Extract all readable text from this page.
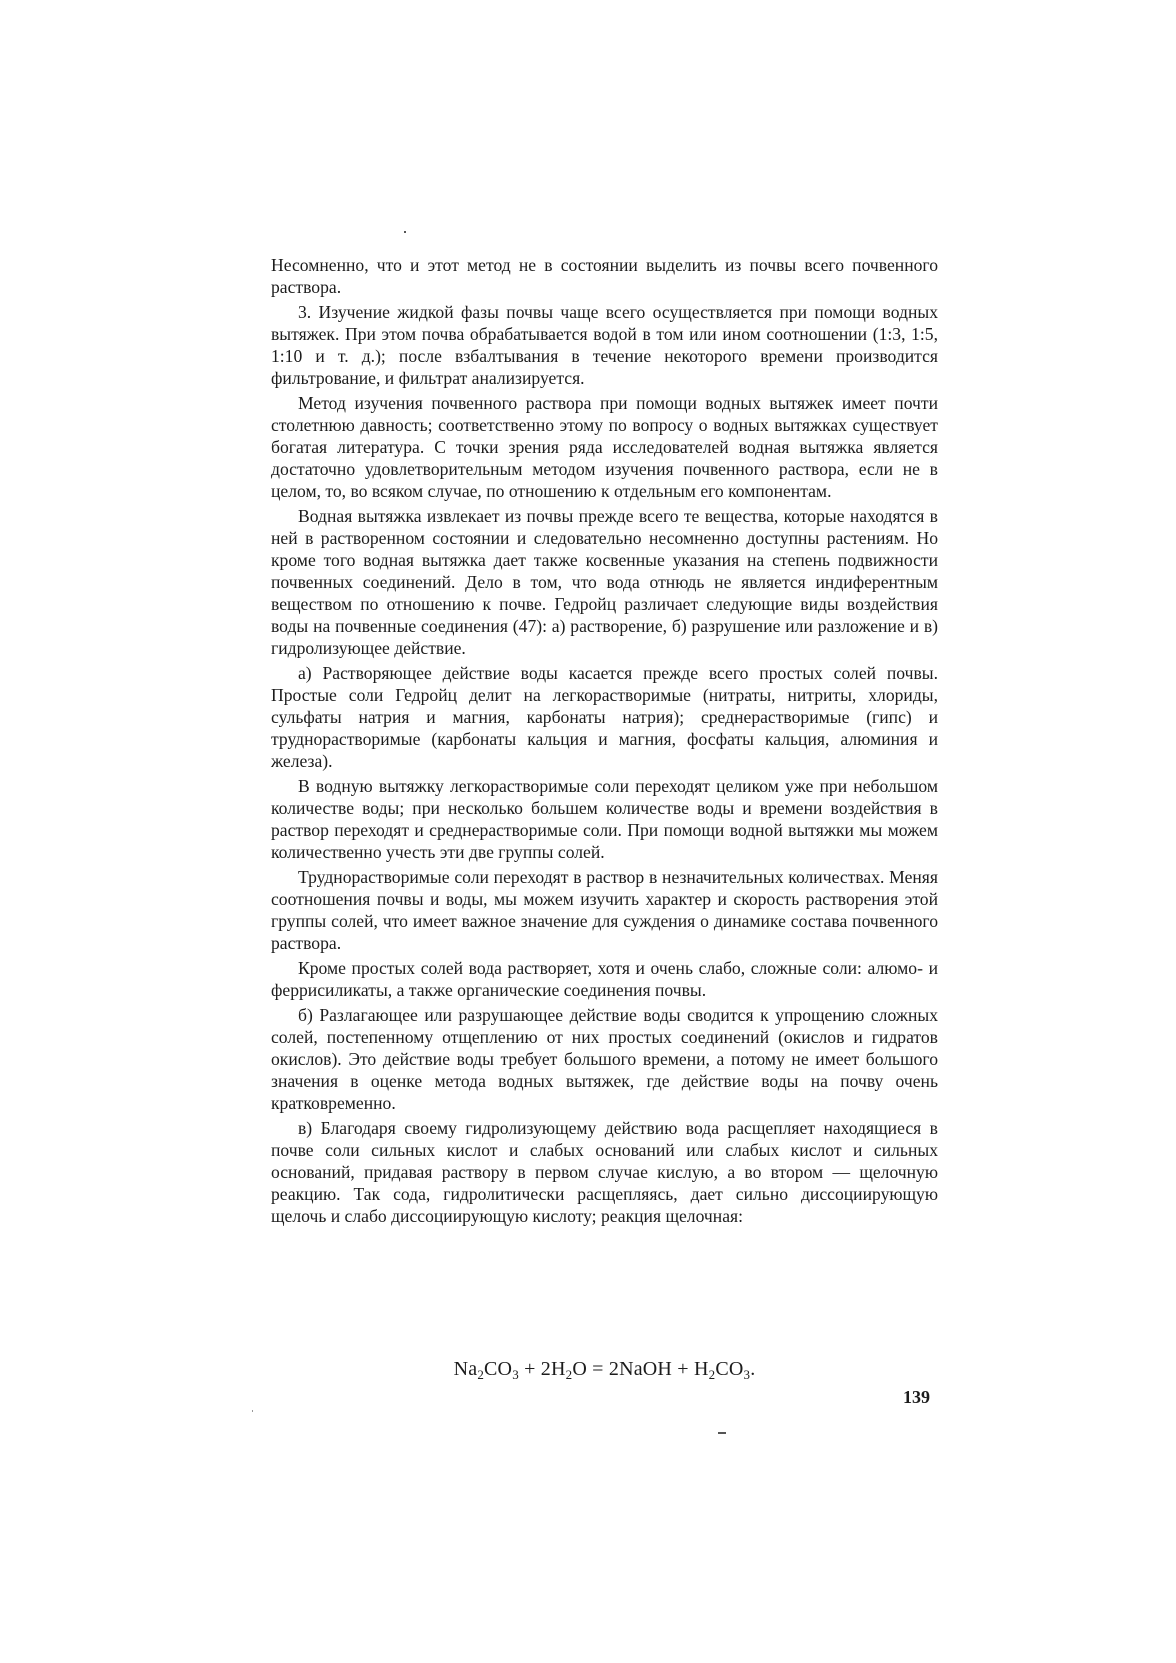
Несомненно, что и этот метод не в состоянии выделить из почвы всего почвенного раствора.

3. Изучение жидкой фазы почвы чаще всего осуществляется при помощи водных вытяжек. При этом почва обрабатывается водой в том или ином соотношении (1:3, 1:5, 1:10 и т. д.); после взбалтывания в течение некоторого времени производится фильтрование, и фильтрат анализируется.

Метод изучения почвенного раствора при помощи водных вытяжек имеет почти столетнюю давность; соответственно этому по вопросу о водных вытяжках существует богатая литература. С точки зрения ряда исследователей водная вытяжка является достаточно удовлетворительным методом изучения почвенного раствора, если не в целом, то, во всяком случае, по отношению к отдельным его компонентам.

Водная вытяжка извлекает из почвы прежде всего те вещества, которые находятся в ней в растворенном состоянии и следовательно несомненно доступны растениям. Но кроме того водная вытяжка дает также косвенные указания на степень подвижности почвенных соединений. Дело в том, что вода отнюдь не является индиферентным веществом по отношению к почве. Гедройц различает следующие виды воздействия воды на почвенные соединения (47): а) растворение, б) разрушение или разложение и в) гидролизующее действие.

а) Растворяющее действие воды касается прежде всего простых солей почвы. Простые соли Гедройц делит на легкорастворимые (нитраты, нитриты, хлориды, сульфаты натрия и магния, карбонаты натрия); среднерастворимые (гипс) и труднорастворимые (карбонаты кальция и магния, фосфаты кальция, алюминия и железа).

В водную вытяжку легкорастворимые соли переходят целиком уже при небольшом количестве воды; при несколько большем количестве воды и времени воздействия в раствор переходят и среднерастворимые соли. При помощи водной вытяжки мы можем количественно учесть эти две группы солей.

Труднорастворимые соли переходят в раствор в незначительных количествах. Меняя соотношения почвы и воды, мы можем изучить характер и скорость растворения этой группы солей, что имеет важное значение для суждения о динамике состава почвенного раствора.

Кроме простых солей вода растворяет, хотя и очень слабо, сложные соли: алюмо- и феррисиликаты, а также органические соединения почвы.

б) Разлагающее или разрушающее действие воды сводится к упрощению сложных солей, постепенному отщеплению от них простых соединений (окислов и гидратов окислов). Это действие воды требует большого времени, а потому не имеет большого значения в оценке метода водных вытяжек, где действие воды на почву очень кратковременно.

в) Благодаря своему гидролизующему действию вода расщепляет находящиеся в почве соли сильных кислот и слабых оснований или слабых кислот и сильных оснований, придавая раствору в первом случае кислую, а во втором — щелочную реакцию. Так сода, гидролитически расщепляясь, дает сильно диссоциирующую щелочь и слабо диссоциирующую кислоту; реакция щелочная:

$Na_2CO_3 + 2H_2O$ = 2NaOH + $H_2CO_3$.
139
